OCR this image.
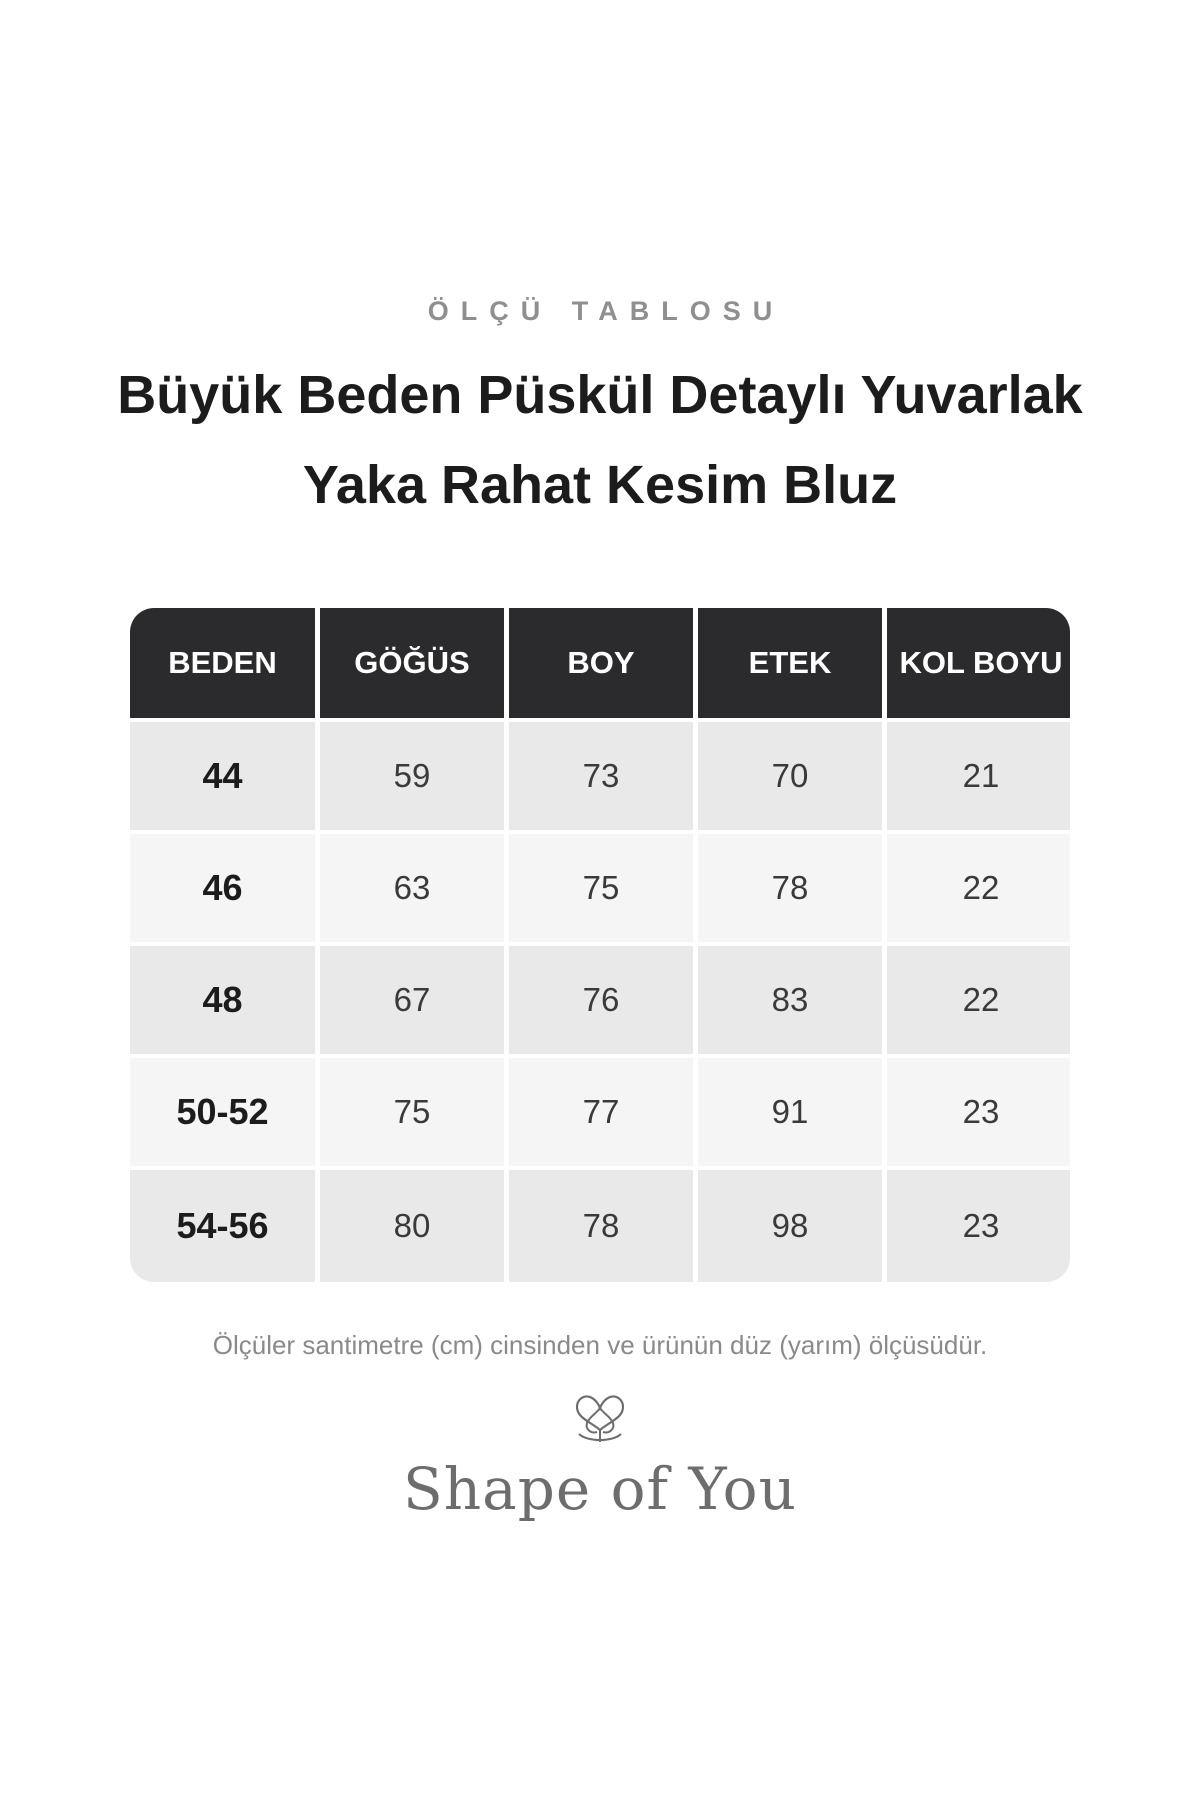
ÖLÇÜ TABLOSU
Büyük Beden Püskül Detaylı Yuvarlak
Yaka Rahat Kesim Bluz
BEDEN	GÖĞÜS	BOY	ETEK	KOL BOYU
44	59	73	70	21
46	63	75	78	22
48	67	76	83	22
50-52	75	77	91	23
54-56	80	78	98	23
Ölçüler santimetre (cm) cinsinden ve ürünün düz (yarım) ölçüsüdür.
Shape of You
